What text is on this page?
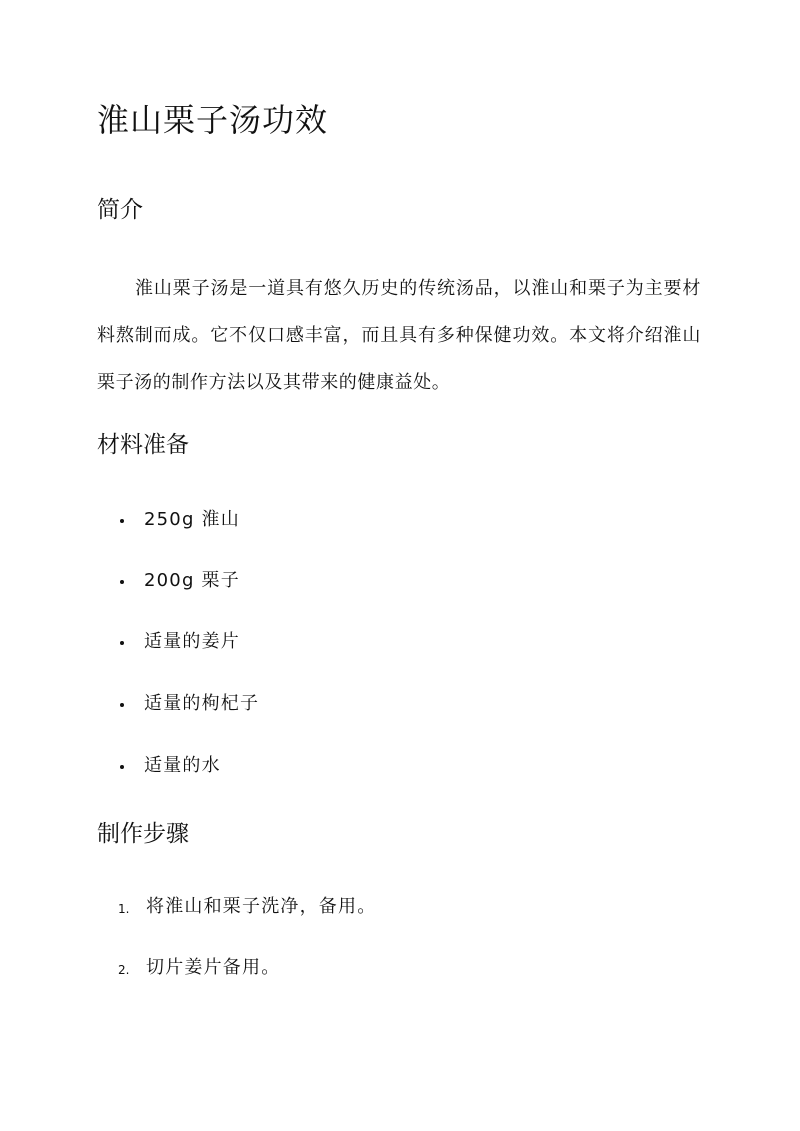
淮山栗子汤功效
简介

淮山栗子汤是一道具有悠久历史的传统汤品，以淮山和栗子为主要材料熬制而成。它不仅口感丰富，而且具有多种保健功效。本文将介绍淮山栗子汤的制作方法以及其带来的健康益处。

材料准备
250g 淮山
200g 栗子
适量的姜片
适量的枸杞子
适量的水
制作步骤
1. 将淮山和栗子洗净，备用。
2. 切片姜片备用。
